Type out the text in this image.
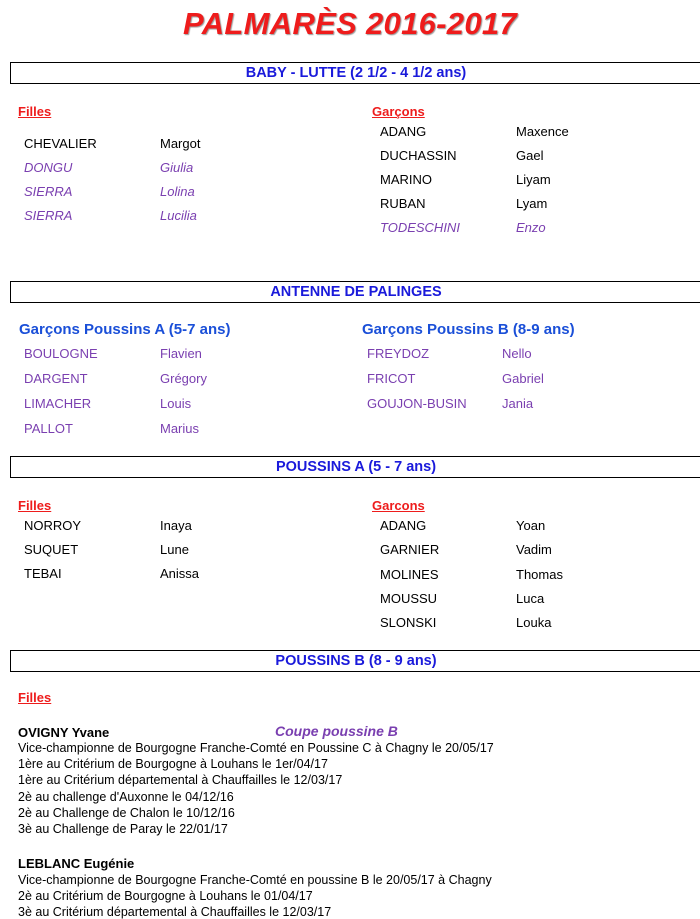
PALMARÈS 2016-2017
BABY - LUTTE (2 1/2 - 4 1/2 ans)
Filles	Garçons
CHEVALIER	Margot
DONGU	Giulia
SIERRA	Lolina
SIERRA	Lucilia
ADANG	Maxence
DUCHASSIN	Gael
MARINO	Liyam
RUBAN	Lyam
TODESCHINI	Enzo
ANTENNE DE PALINGES
Garçons Poussins A (5-7 ans)	Garçons Poussins B (8-9 ans)
BOULOGNE	Flavien
DARGENT	Grégory
LIMACHER	Louis
PALLOT	Marius
FREYDOZ	Nello
FRICOT	Gabriel
GOUJON-BUSIN	Jania
POUSSINS A (5 - 7 ans)
Filles	Garcons
NORROY	Inaya
SUQUET	Lune
TEBAI	Anissa
ADANG	Yoan
GARNIER	Vadim
MOLINES	Thomas
MOUSSU	Luca
SLONSKI	Louka
POUSSINS B (8 - 9 ans)
Filles
OVIGNY Yvane	Coupe poussine B
Vice-championne de Bourgogne Franche-Comté en Poussine C à Chagny le 20/05/17
1ère au Critérium de Bourgogne à Louhans le 1er/04/17
1ère au Critérium départemental à Chauffailles le 12/03/17
2è au challenge d'Auxonne le 04/12/16
2è au Challenge de Chalon le 10/12/16
3è au Challenge de Paray le 22/01/17
LEBLANC Eugénie
Vice-championne de Bourgogne Franche-Comté en poussine B le 20/05/17 à Chagny
2è au Critérium de Bourgogne à Louhans le 01/04/17
3è au Critérium départemental à Chauffailles le 12/03/17
